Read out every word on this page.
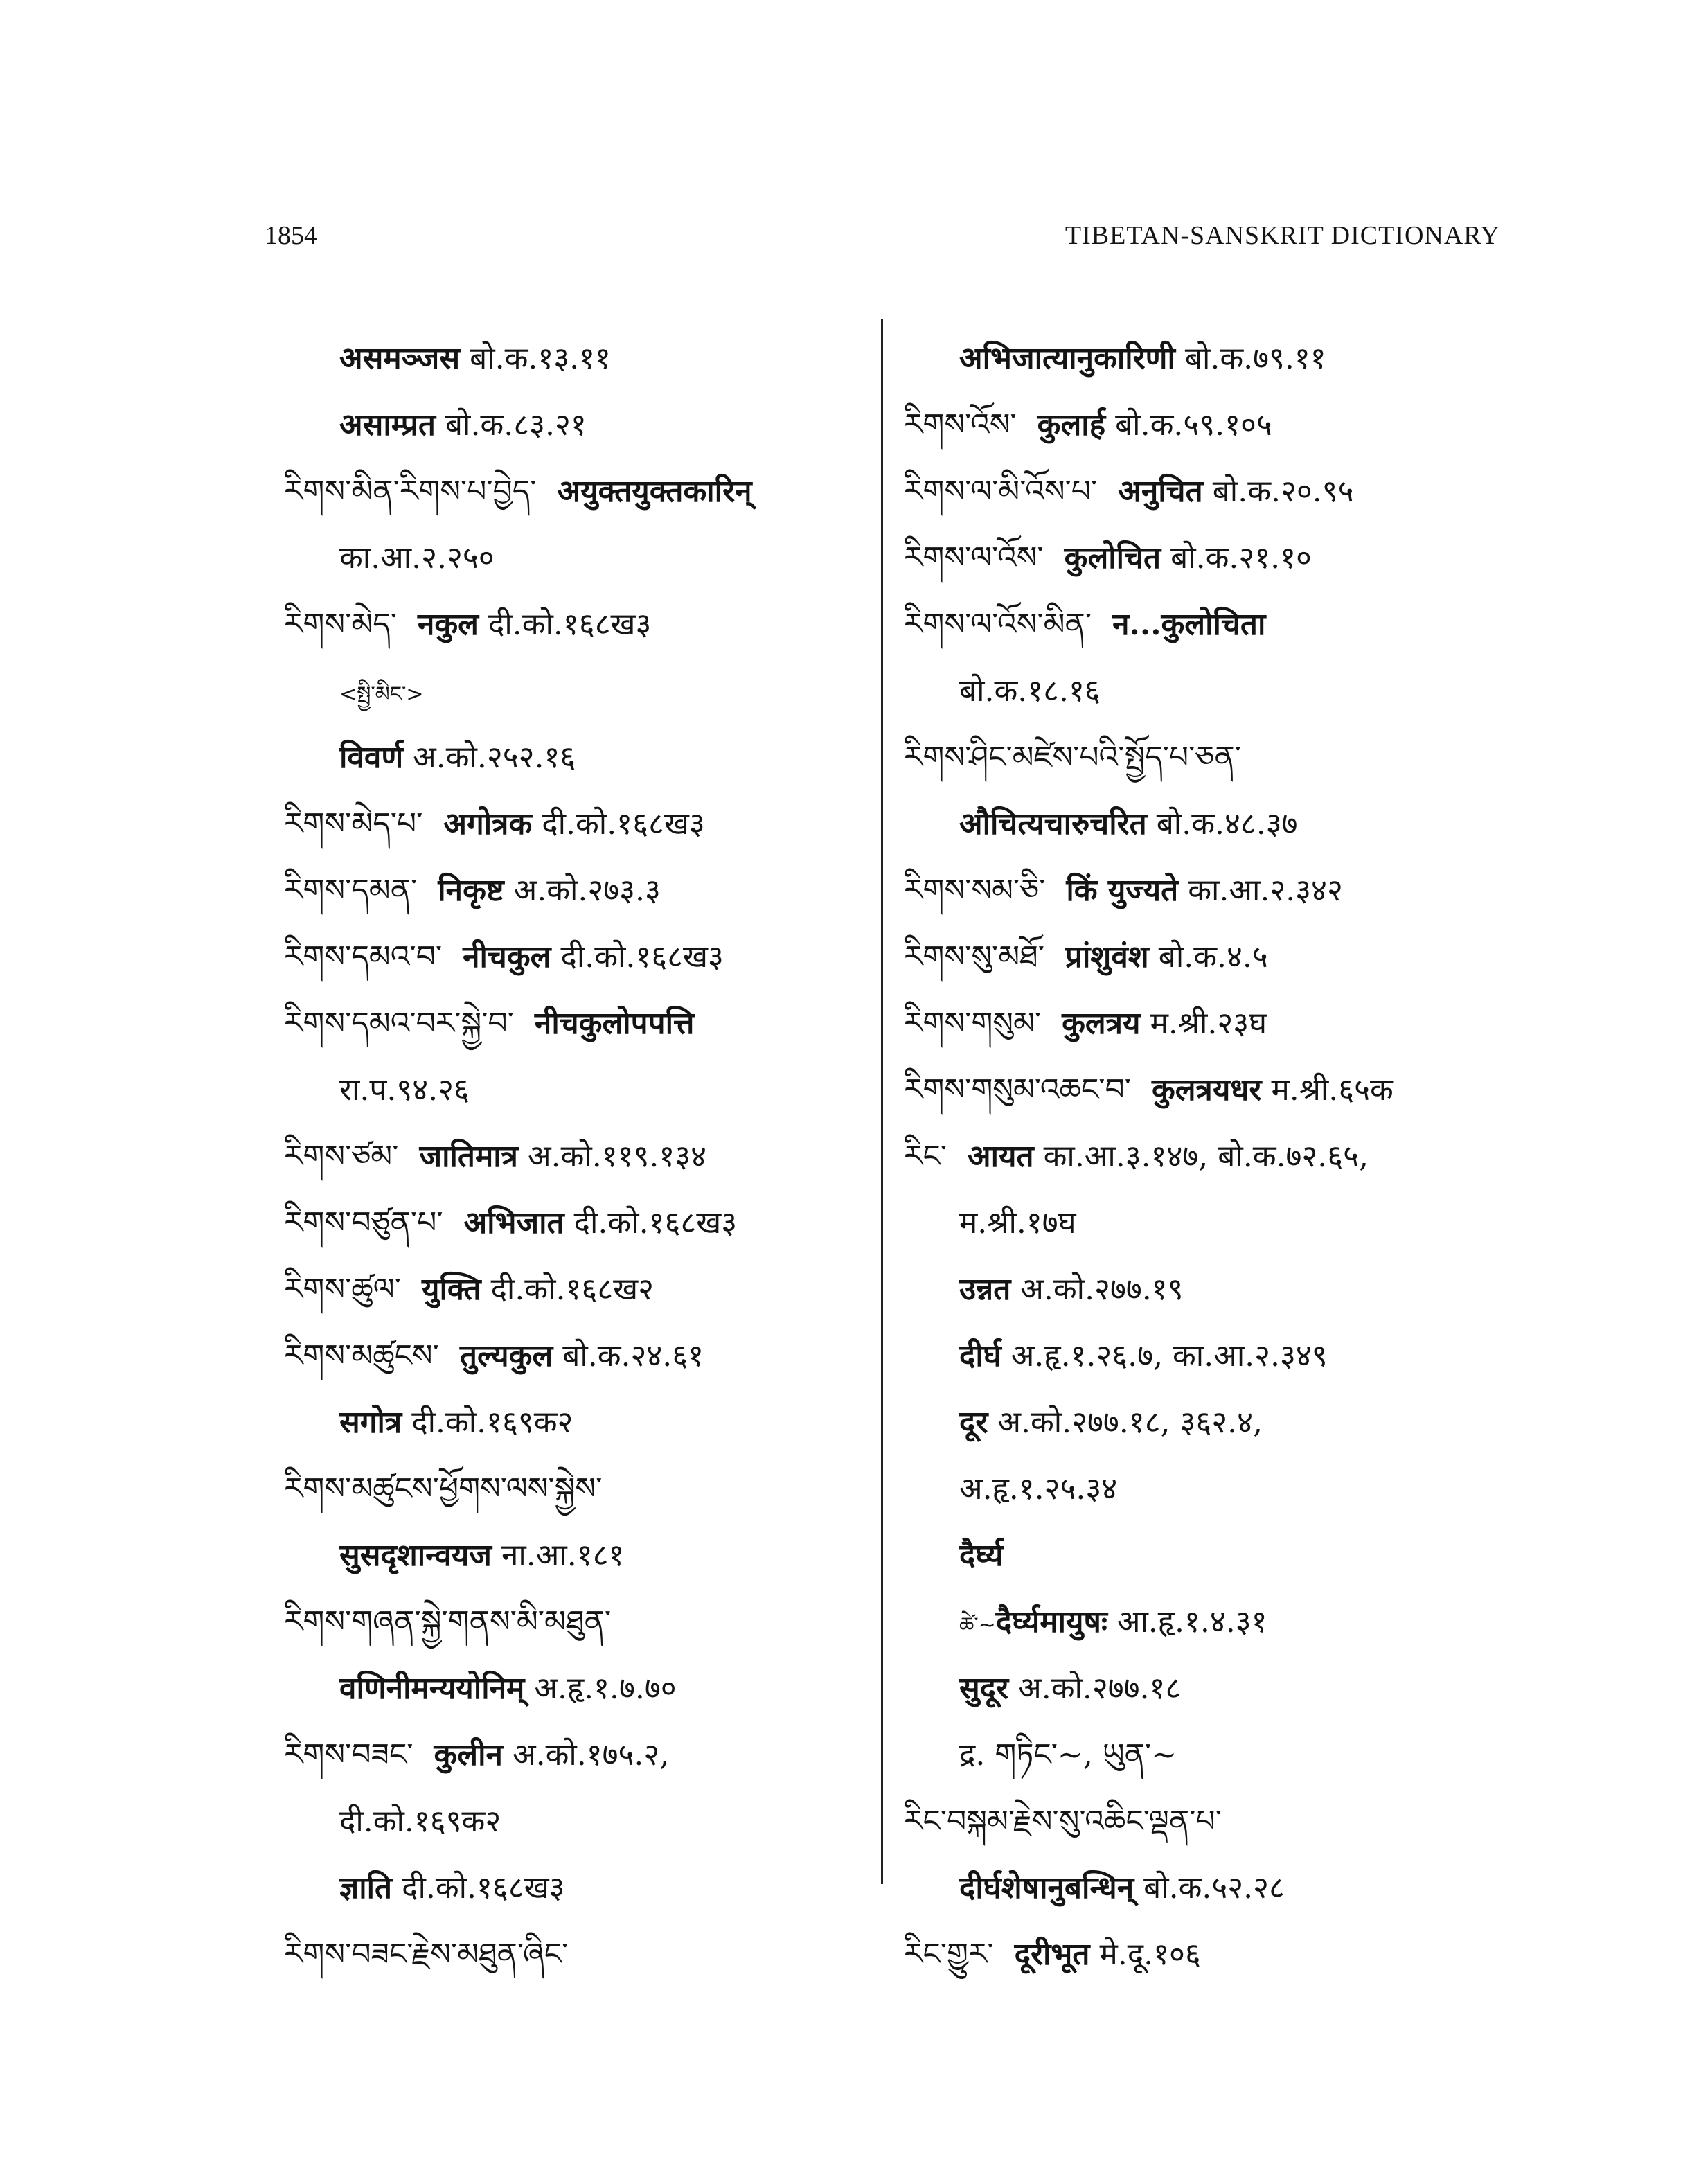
1854	TIBETAN-SANSKRIT DICTIONARY
असमञ्जस बो.क.१३.११
असाम्प्रत बो.क.८३.२१
རིགས་མིན་རིགས་པ་བྱེད་ अयुक्तयुक्तकारिन्
का.आ.२.२५०
རིགས་མེད་ नकुल दी.को.१६८ख३
<སྤྱི་མིང་>
विवर्ण अ.को.२५२.१६
རིགས་མེད་པ་ अगोत्रक दी.को.१६८ख३
རིགས་དམན་ निकृष्ट अ.को.२७३.३
རིགས་དམའ་བ་ नीचकुल दी.को.१६८ख३
རིགས་དམའ་བར་སྐྱེ་བ་ नीचकुलोपपत्ति
रा.प.९४.२६
རིགས་ཙམ་ जातिमात्र अ.को.११९.१३४
རིགས་བཙུན་པ་ अभिजात दी.को.१६८ख३
རིགས་ཚུལ་ युक्ति दी.को.१६८ख२
རིགས་མཚུངས་ तुल्यकुल बो.क.२४.६१
सगोत्र दी.को.१६९क२
རིགས་མཚུངས་ཕྱོགས་ལས་སྐྱེས་
सुसदृशान्वयज ना.आ.१८१
རིགས་གཞན་སྐྱེ་གནས་མི་མཐུན་
वणिनीमन्ययोनिम् अ.हृ.१.७.७०
རིགས་བཟང་ कुलीन अ.को.१७५.२,
दी.को.१६९क२
ज्ञाति दी.को.१६८ख३
རིགས་བཟང་རྗེས་མཐུན་ཞིང་
अभिजात्यानुकारिणी बो.क.७९.११
རིགས་འོས་ कुलार्ह बो.क.५९.१०५
རིགས་ལ་མི་འོས་པ་ अनुचित बो.क.२०.९५
རིགས་ལ་འོས་ कुलोचित बो.क.२१.१०
རིགས་ལ་འོས་མིན་ न...कुलोचिता
बो.क.१८.१६
རིགས་ཤིང་མཛེས་པའི་སྤྱོད་པ་ཅན་
औचित्यचारुचरित बो.क.४८.३७
རིགས་སམ་ཅི་ किं युज्यते का.आ.२.३४२
རིགས་སུ་མཐོ་ प्रांशुवंश बो.क.४.५
རིགས་གསུམ་ कुलत्रय म.श्री.२३घ
རིགས་གསུམ་འཆང་བ་ कुलत्रयधर म.श्री.६५क
རིང་ आयत का.आ.३.१४७, बो.क.७२.६५,
म.श्री.१७घ
उन्नत अ.को.२७७.१९
दीर्घ अ.हृ.१.२६.७, का.आ.२.३४९
दूर अ.को.२७७.१८, ३६२.४,
अ.हृ.१.२५.३४
दैर्घ्य
ཚེ་~दैर्घ्यमायुषः आ.हृ.१.४.३१
सुदूर अ.को.२७७.१८
द्र. གཏིང་~, ཡུན་~
རིང་བསྐམ་རྗེས་སུ་འཆིང་ལྡན་པ་
दीर्घशेषानुबन्धिन् बो.क.५२.२८
རིང་གྱུར་ दूरीभूत मे.दू.१०६
